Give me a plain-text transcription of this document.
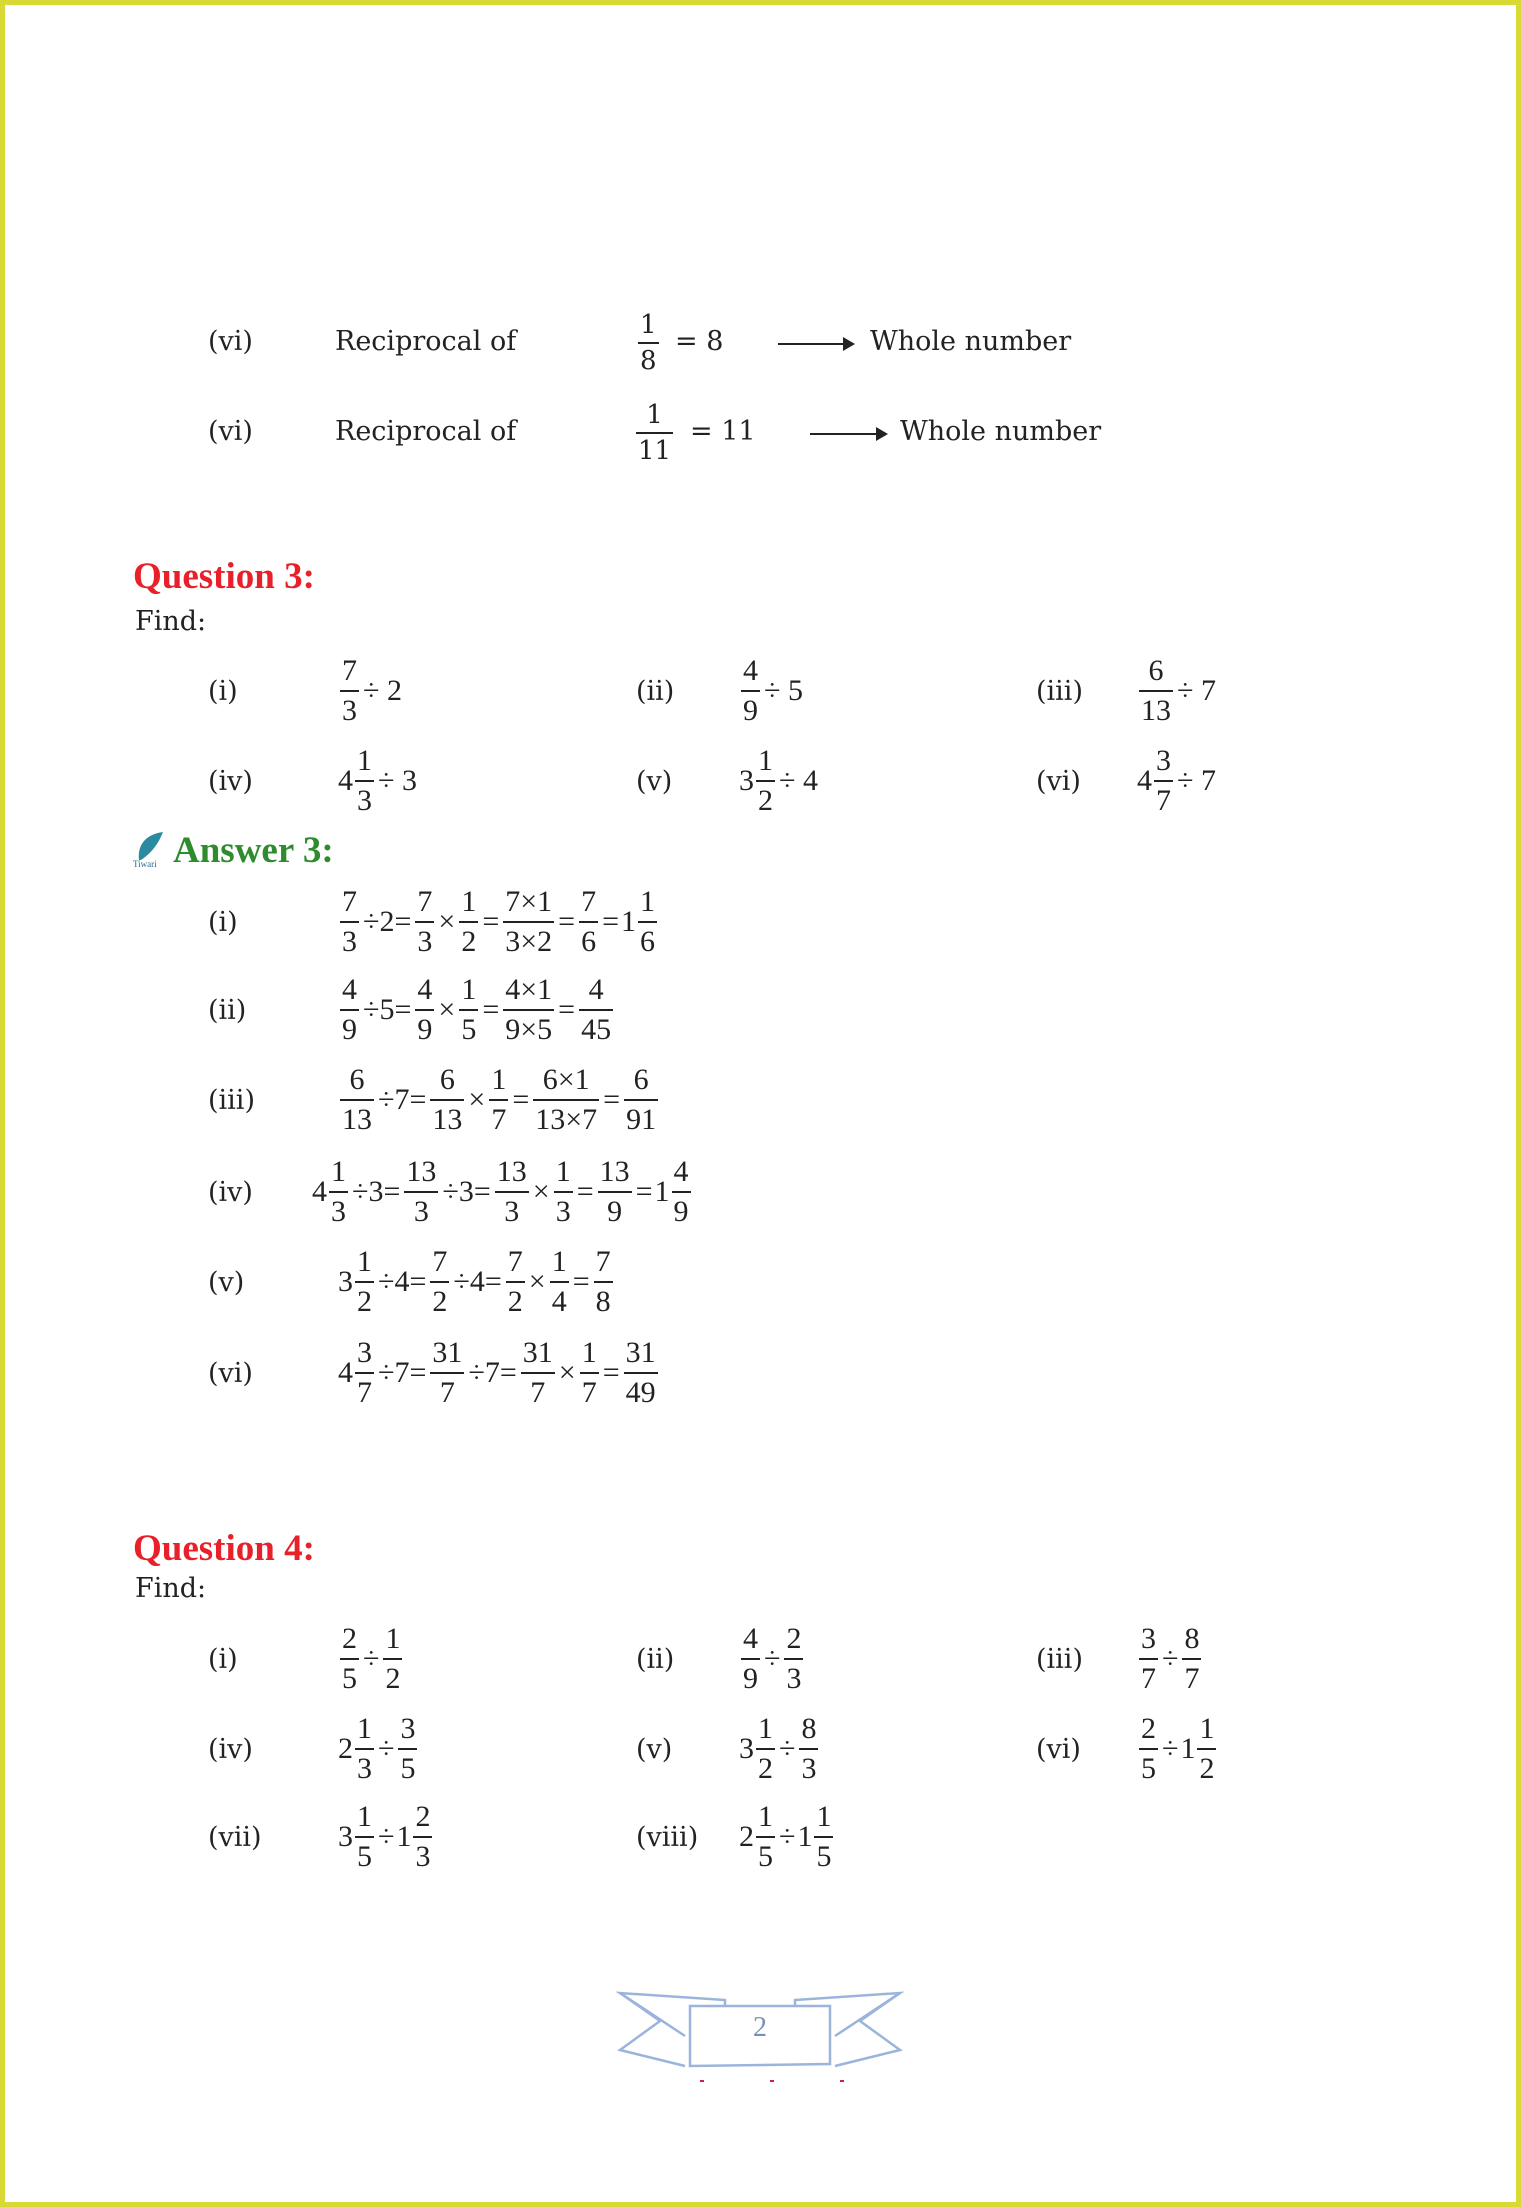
(vi)	Reciprocal of	$\frac{1}{8} = 8$	Whole number
(vi)	Reciprocal of	$\frac{1}{11} = 11$	Whole number
Question 3:
Find:
(i)	$\frac{7}{3} \div 2$	$(ii) \frac{4}{9} \div 5$	$(iii) \frac{6}{13} \div 7$
(iv)	$4 \frac{1}{3} \div 3$	(v) $3 \frac{1}{2} \div 4$	(vi) $4 \frac{3}{7} \div 7$
Tiwari Answer 3:
(i)	$\frac{7}{3} \div 2= \frac{7}{3} \times \frac{1}{2} = \frac{7\times 1}{3\times 2} = \frac{7}{6} = 1 \frac{1}{6}$
(ii)	$\frac{4}{9} \div 5= \frac{4}{9} \times \frac{1}{5} = \frac{4\times 1}{9\times 5} = \frac{4}{45}$
(iii)	$\frac{6}{13} \div 7= \frac{6}{13} \times \frac{1}{7} = \frac{6\times 1}{13\times 7} = \frac{6}{91}$
(iv) $4 \frac{1}{3} \div 3= \frac{13}{3} \div 3= \frac{13}{3} \times \frac{1}{3} = \frac{13}{9} = 1 \frac{4}{9}$
(v)	$3 \frac{1}{2} \div 4= \frac{7}{2} \div 4= \frac{7}{2} \times \frac{1}{4} = \frac{7}{8}$
(vi)	$4 \frac{3}{7} \div 7= \frac{31}{7} \div 7= \frac{31}{7} \times \frac{1}{7} = \frac{31}{49}$
Question 4:
Find:
(i)	$\frac{2}{5} \div \frac{1}{2}$	$(ii) \frac{4}{9} \div \frac{2}{3}$	$(iii) \frac{3}{7} \div \frac{8}{7}$
(iv)	$2 \frac{1}{3} \div \frac{3}{5}$	(v) $3 \frac{1}{2} \div \frac{8}{3}$	$(vi) \frac{2}{5} \div 1 \frac{1}{2}$
(vii)	$3 \frac{1}{5} \div 1 \frac{2}{3}$	(viii) $2 \frac{1}{5} \div 1 \frac{1}{5}$
2
